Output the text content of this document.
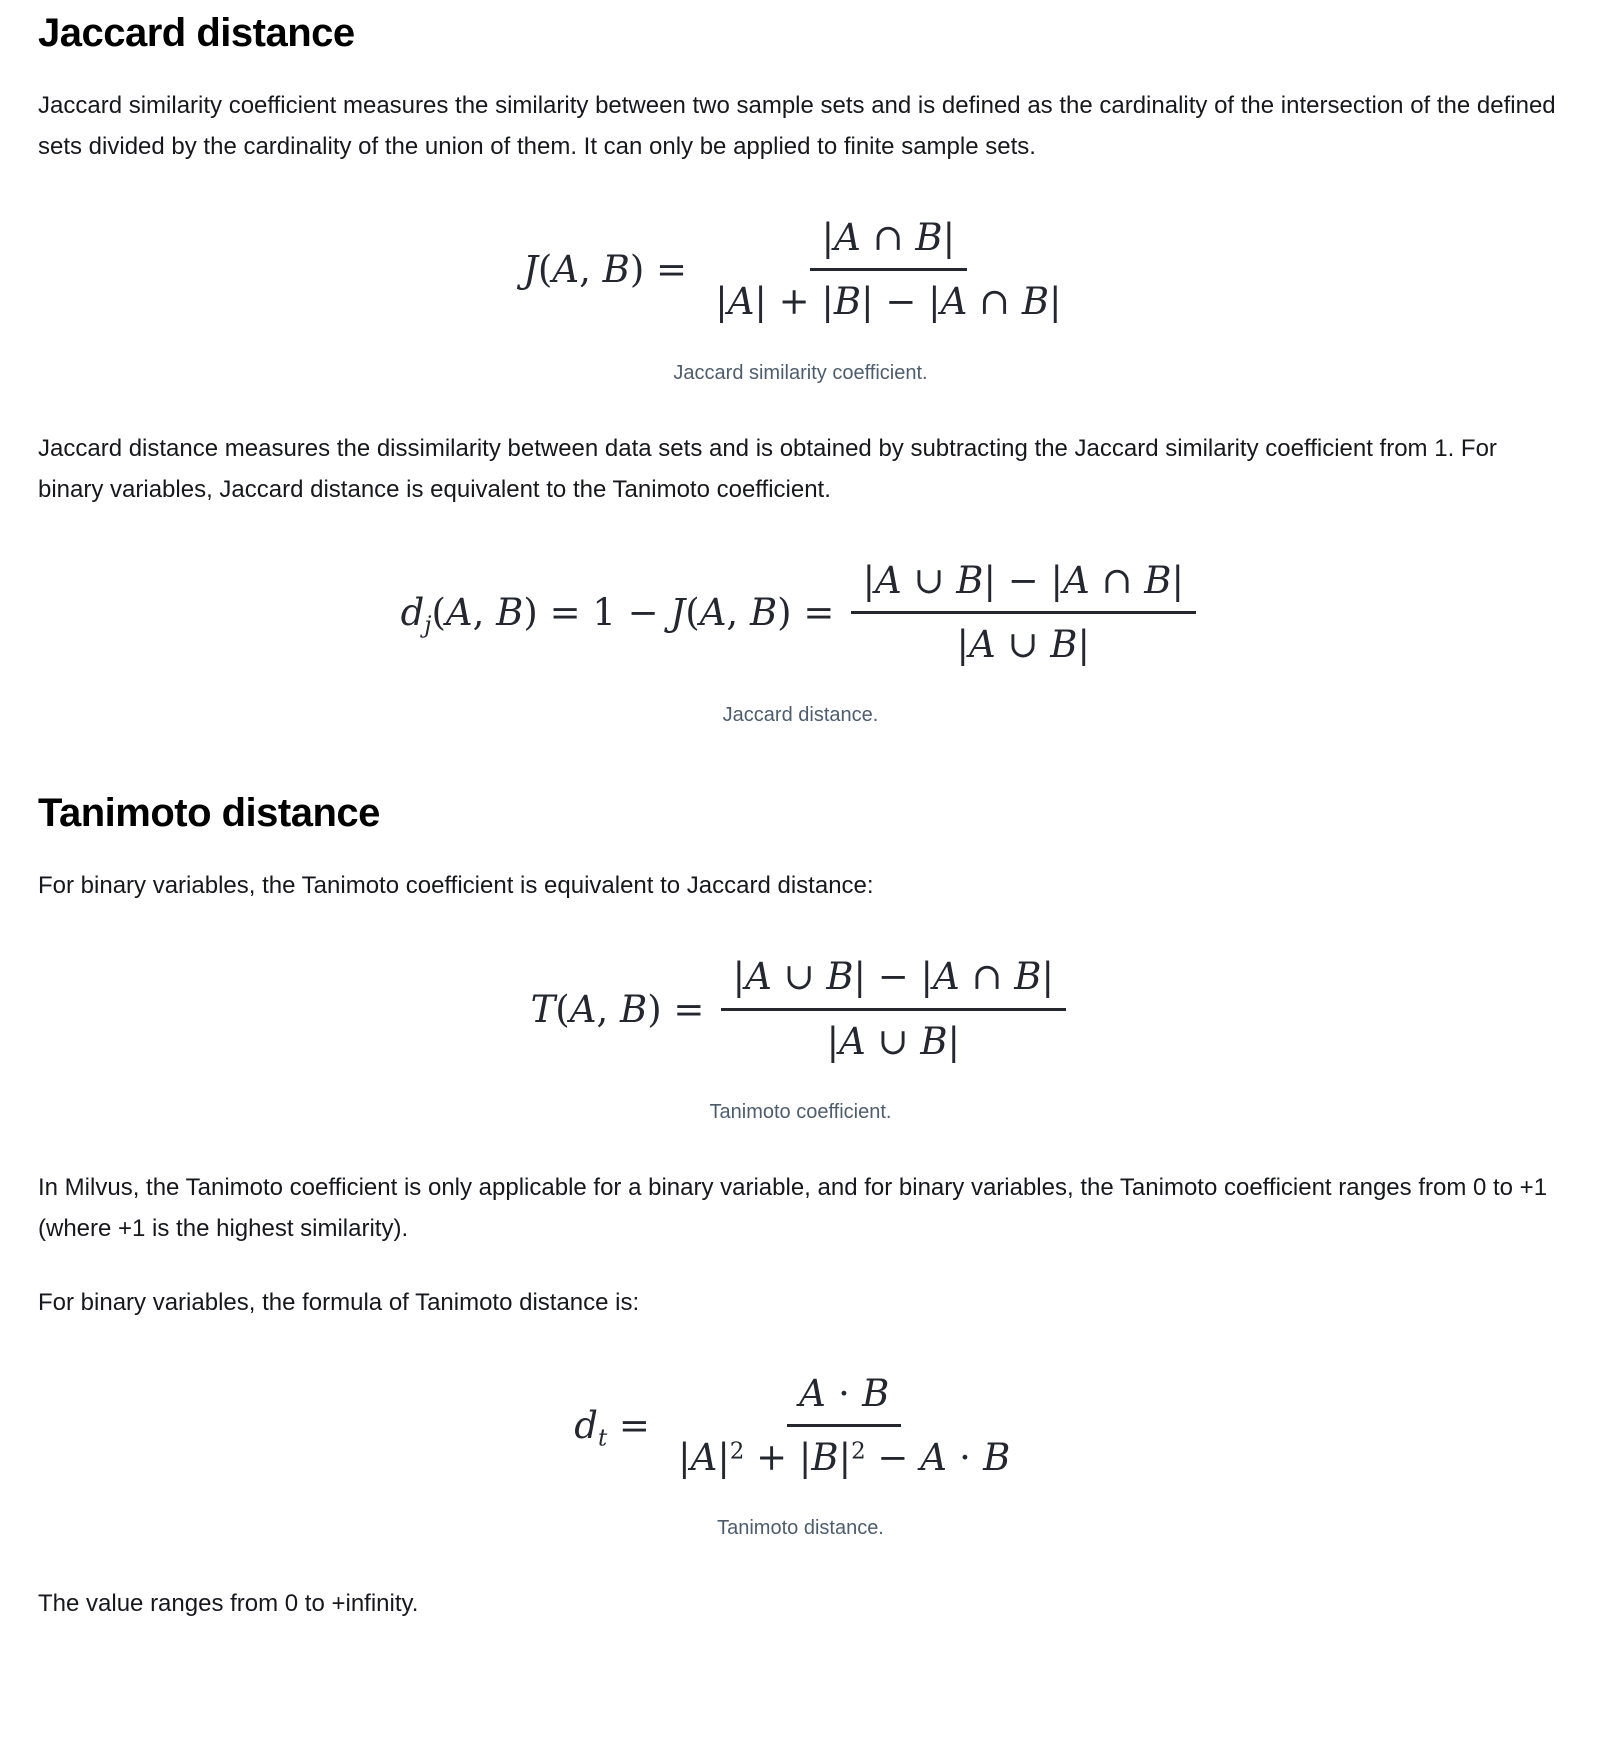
Jaccard distance

Jaccard similarity coefficient measures the similarity between two sample sets and is defined as the cardinality of the intersection of the defined sets divided by the cardinality of the union of them. It can only be applied to finite sample sets.

J(A, $B) = \frac{|A \cap B|}{|A| + |B| - |A \cap B|}$
Jaccard similarity coefficient.

Jaccard distance measures the dissimilarity between data sets and is obtained by subtracting the Jaccard similarity coefficient from 1. For binary variables, Jaccard distance is equivalent to the Tanimoto coefficient.

dj(A, B) = 1 − J(A, $B) = \frac{|A \cup B| - |A \cap B|}{|A \cup B|}$
Jaccard distance.
Tanimoto distance

For binary variables, the Tanimoto coefficient is equivalent to Jaccard distance:

T(A, $B) = \frac{|A \cup B| - |A \cap B|}{|A \cup B|}$
Tanimoto coefficient.

In Milvus, the Tanimoto coefficient is only applicable for a binary variable, and for binary variables, the Tanimoto coefficient ranges from 0 to +1 (where +1 is the highest similarity).

For binary variables, the formula of Tanimoto distance is:

dt = $\frac{A \cdot B}{|A|^2 + |B|^2 - A \cdot B}$
Tanimoto distance.

The value ranges from 0 to +infinity.
